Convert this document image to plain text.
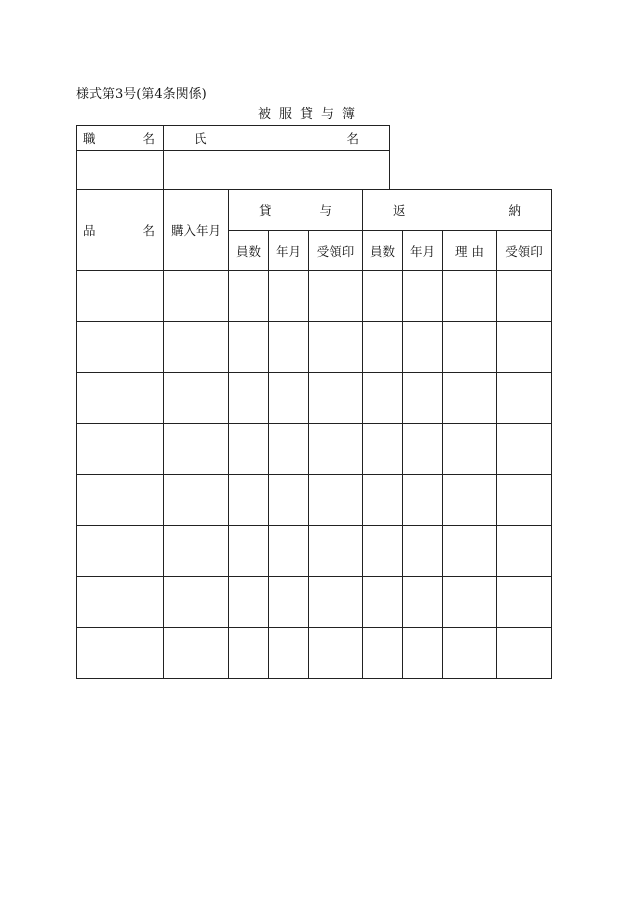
様式第3号(第4条関係)
被服貸与簿
職 名	氏 名

品 名	購入年月	貸 与			返 納			

		員数	年月	受領印	員数	年月	理 由	受領印
